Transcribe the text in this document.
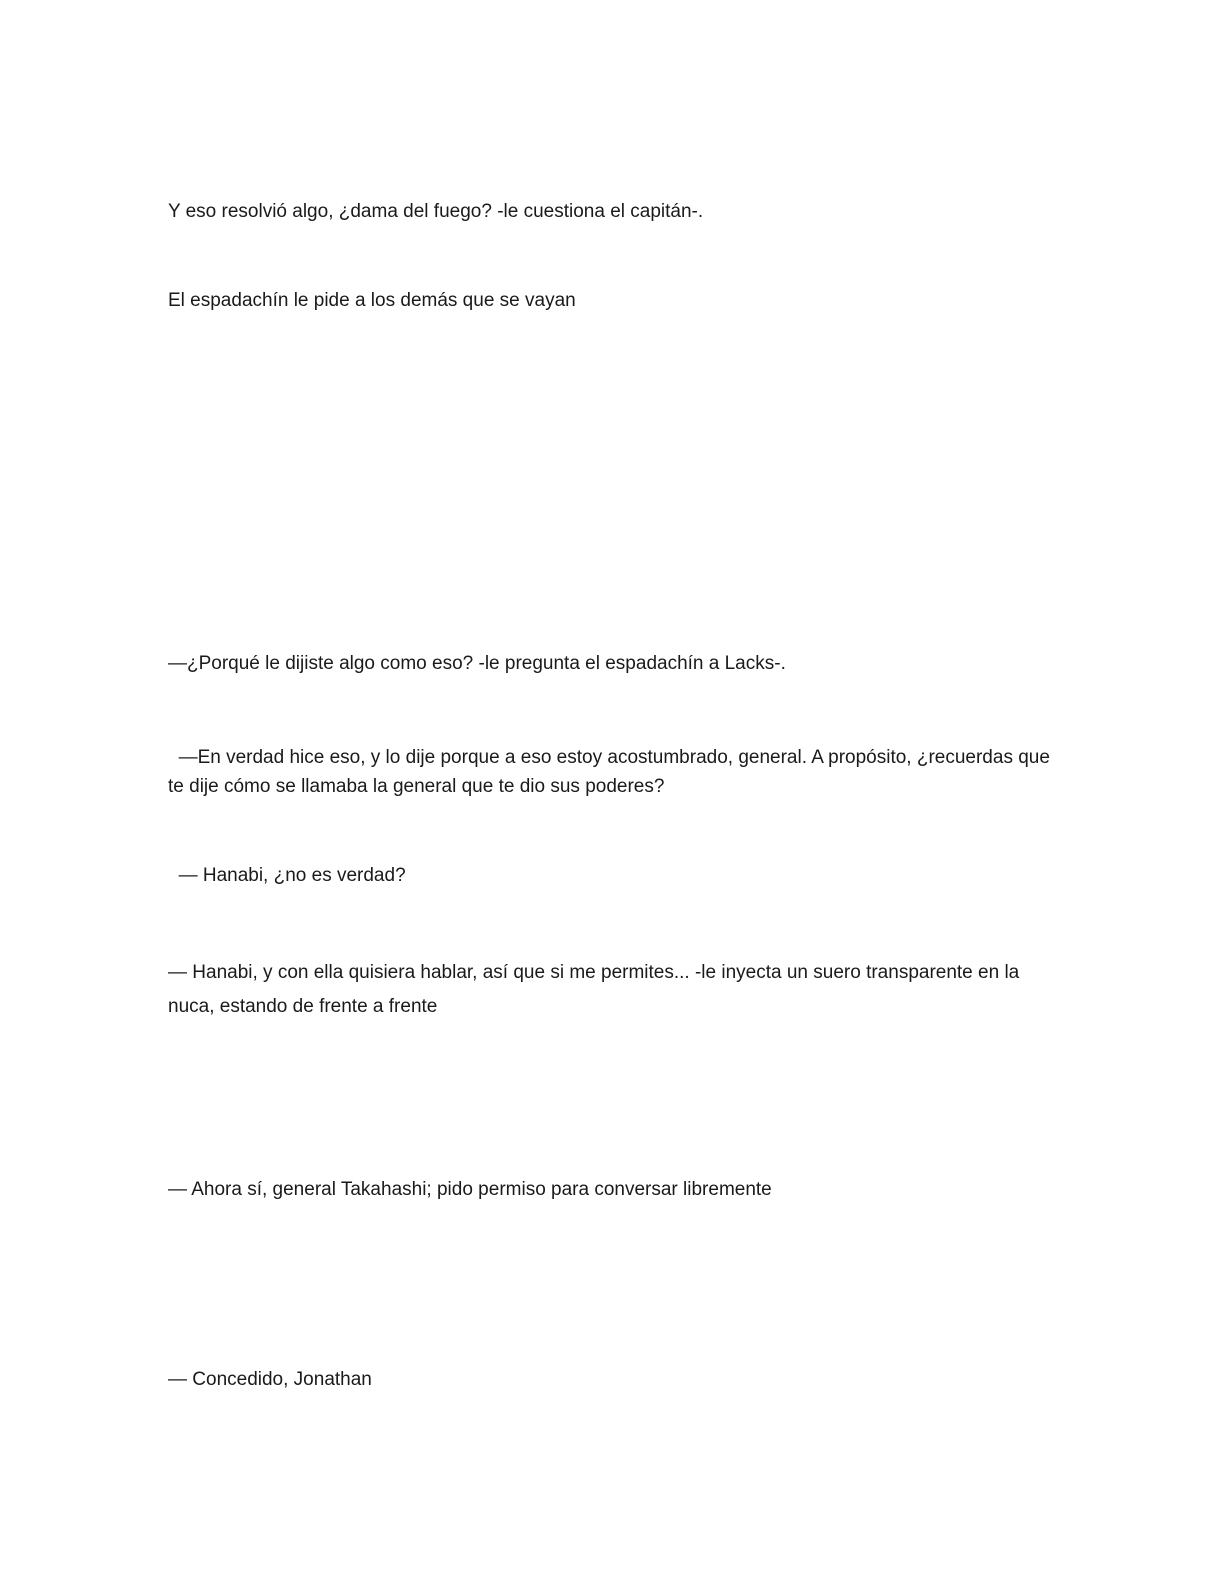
Y eso resolvió algo, ¿dama del fuego? -le cuestiona el capitán-.

El espadachín le pide a los demás que se vayan

—¿Porqué le dijiste algo como eso? -le pregunta el espadachín a Lacks-.

—En verdad hice eso, y lo dije porque a eso estoy acostumbrado, general. A propósito, ¿recuerdas que te dije cómo se llamaba la general que te dio sus poderes?

— Hanabi, ¿no es verdad?

— Hanabi, y con ella quisiera hablar, así que si me permites... -le inyecta un suero transparente en la nuca, estando de frente a frente

— Ahora sí, general Takahashi; pido permiso para conversar libremente

— Concedido, Jonathan
